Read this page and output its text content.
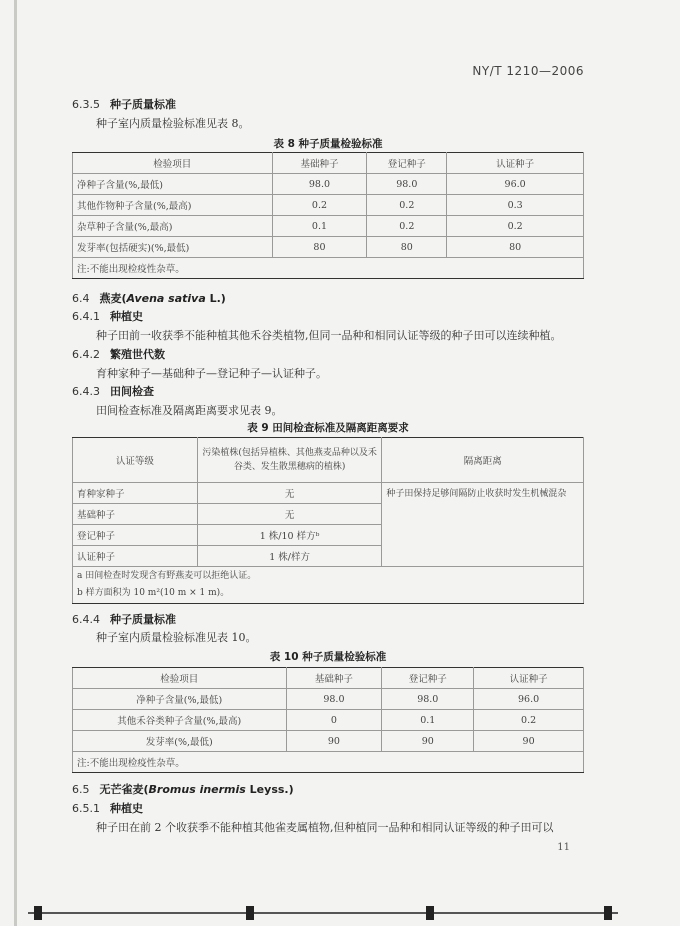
NY/T 1210—2006
6.3.5 种子质量标准
种子室内质量检验标准见表 8。
表 8 种子质量检验标准
检验项目	基础种子	登记种子	认证种子
净种子含量(%,最低)	98.0	98.0	96.0
其他作物种子含量(%,最高)	0.2	0.2	0.3
杂草种子含量(%,最高)	0.1	0.2	0.2
发芽率(包括硬实)(%,最低)	80	80	80
注:不能出现检疫性杂草。			
6.4 燕麦(Avena sativa L.)
6.4.1 种植史
种子田前一收获季不能种植其他禾谷类植物,但同一品种和相同认证等级的种子田可以连续种植。
6.4.2 繁殖世代数
育种家种子—基础种子—登记种子—认证种子。
6.4.3 田间检查
田间检查标准及隔离距离要求见表 9。
表 9 田间检查标准及隔离距离要求
认证等级	污染植株(包括异植株、其他燕麦品种以及禾谷类、发生散黑穗病的植株)	隔离距离
育种家种子	无	种子田保持足够间隔防止收获时发生机械混杂
基础种子	无	
登记种子	1 株/10 样方ᵇ	
认证种子	1 株/样方	

a 田间检查时发现含有野燕麦可以拒绝认证。
b 样方面积为 10 m²(10 m × 1 m)。		
6.4.4 种子质量标准
种子室内质量检验标准见表 10。
表 10 种子质量检验标准
检验项目	基础种子	登记种子	认证种子
净种子含量(%,最低)	98.0	98.0	96.0
其他禾谷类种子含量(%,最高)	0	0.1	0.2
发芽率(%,最低)	90	90	90
注:不能出现检疫性杂草。			
6.5 无芒雀麦(Bromus inermis Leyss.)
6.5.1 种植史
种子田在前 2 个收获季不能种植其他雀麦属植物,但种植同一品种和相同认证等级的种子田可以
11
